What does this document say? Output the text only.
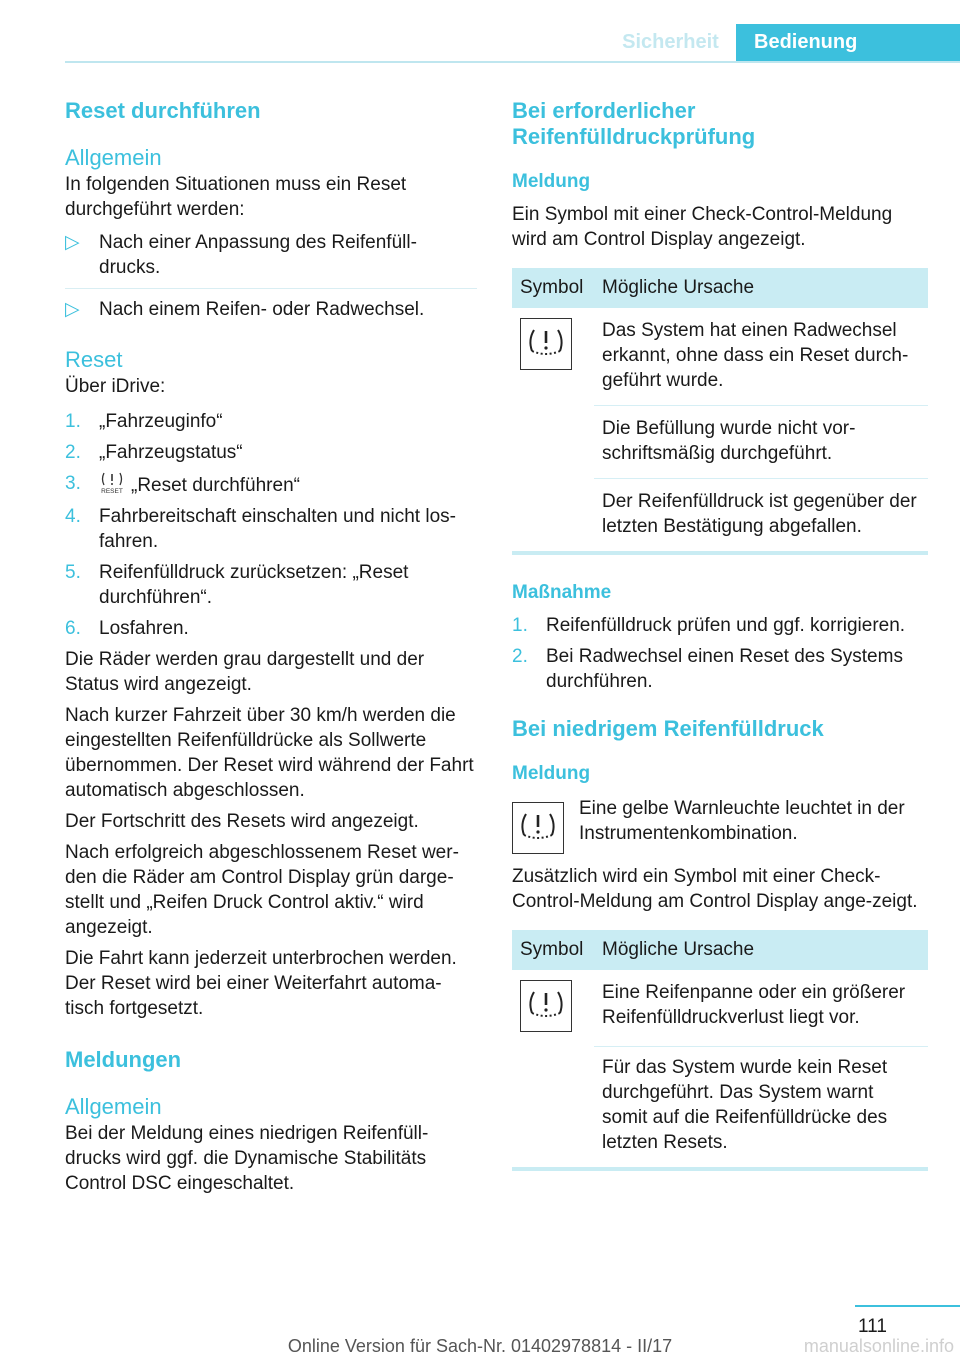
Sicherheit	Bedienung
Reset durchführen
Allgemein

In folgenden Situationen muss ein Reset durchgeführt werden:

▷ Nach einer Anpassung des Reifenfüll-drucks.
▷ Nach einem Reifen- oder Radwechsel.
Reset

Über iDrive:

1. „Fahrzeuginfo“
2. „Fahrzeugstatus“
3.	RESET „Reset durchführen“
4. Fahrbereitschaft einschalten und nicht los-fahren.
5. Reifenfülldruck zurücksetzen: „Reset durchführen“.
6. Losfahren.

Die Räder werden grau dargestellt und der Status wird angezeigt.

Nach kurzer Fahrzeit über 30 km/h werden die eingestellten Reifenfülldrücke als Sollwerte übernommen. Der Reset wird während der Fahrt automatisch abgeschlossen.

Der Fortschritt des Resets wird angezeigt.

Nach erfolgreich abgeschlossenem Reset wer-den die Räder am Control Display grün darge-stellt und „Reifen Druck Control aktiv.“ wird angezeigt.

Die Fahrt kann jederzeit unterbrochen werden. Der Reset wird bei einer Weiterfahrt automa-tisch fortgesetzt.

Meldungen
Allgemein

Bei der Meldung eines niedrigen Reifenfüll-drucks wird ggf. die Dynamische Stabilitäts Control DSC eingeschaltet.

Bei erforderlicher Reifenfülldruckprüfung
Meldung

Ein Symbol mit einer Check-Control-Meldung wird am Control Display angezeigt.

Symbol	Mögliche Ursache

	Das System hat einen Radwechsel erkannt, ohne dass ein Reset durch-geführt wurde.
	Die Befüllung wurde nicht vor-schriftsmäßig durchgeführt.
	Der Reifenfülldruck ist gegenüber der letzten Bestätigung abgefallen.
Maßnahme
1. Reifenfülldruck prüfen und ggf. korrigieren.
2. Bei Radwechsel einen Reset des Systems durchführen.
Bei niedrigem Reifenfülldruck
Meldung

Eine gelbe Warnleuchte leuchtet in der Instrumentenkombination.

Zusätzlich wird ein Symbol mit einer Check-Control-Meldung am Control Display ange-zeigt.

Symbol	Mögliche Ursache

	Eine Reifenpanne oder ein größerer Reifenfülldruckverlust liegt vor.
	Für das System wurde kein Reset durchgeführt. Das System warnt somit auf die Reifenfülldrücke des letzten Resets.
111
Online Version für Sach-Nr. 01402978814 - II/17	manualsonline.info
